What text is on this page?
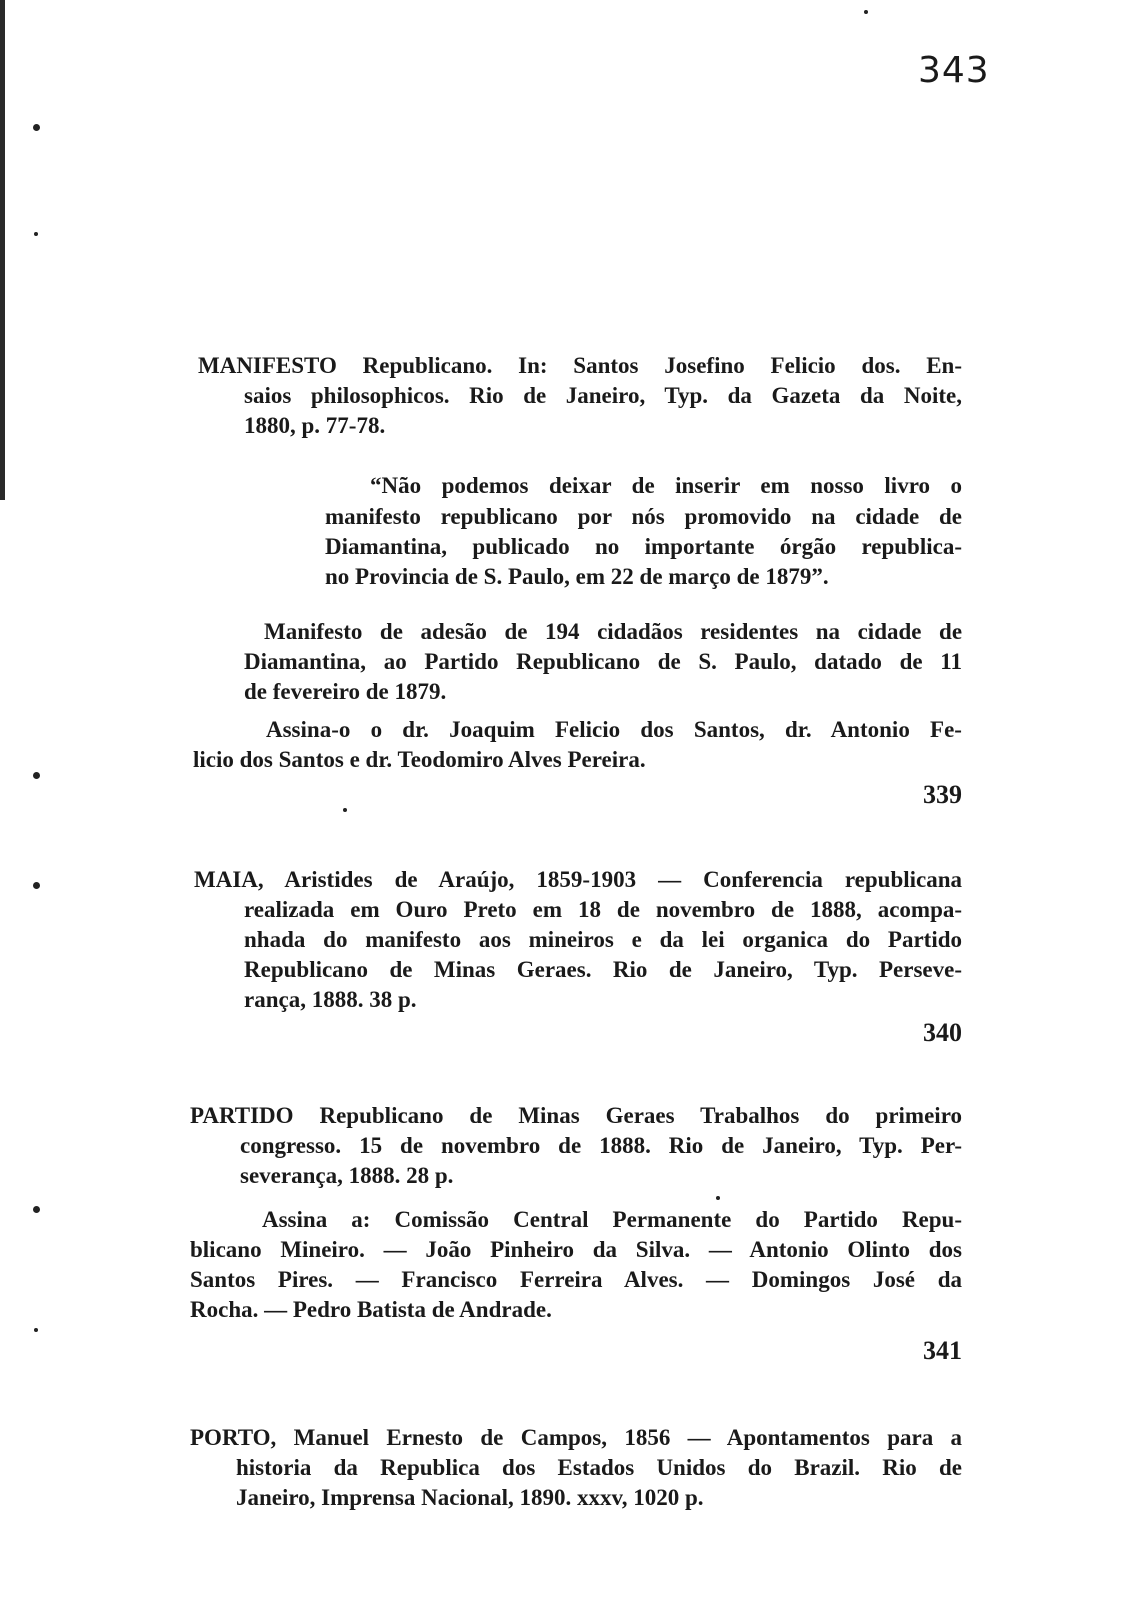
343
MANIFESTO Republicano. In: Santos Josefino Felicio dos. En-
saios philosophicos. Rio de Janeiro, Typ. da Gazeta da Noite,
1880, p. 77-78.
“Não podemos deixar de inserir em nosso livro o
manifesto republicano por nós promovido na cidade de
Diamantina, publicado no importante órgão republica-
no Provincia de S. Paulo, em 22 de março de 1879”.
Manifesto de adesão de 194 cidadãos residentes na cidade de
Diamantina, ao Partido Republicano de S. Paulo, datado de 11
de fevereiro de 1879.
Assina-o o dr. Joaquim Felicio dos Santos, dr. Antonio Fe-
licio dos Santos e dr. Teodomiro Alves Pereira.
339
MAIA, Aristides de Araújo, 1859-1903 — Conferencia republicana
realizada em Ouro Preto em 18 de novembro de 1888, acompa-
nhada do manifesto aos mineiros e da lei organica do Partido
Republicano de Minas Geraes. Rio de Janeiro, Typ. Perseve-
rança, 1888. 38 p.
340
PARTIDO Republicano de Minas Geraes Trabalhos do primeiro
congresso. 15 de novembro de 1888. Rio de Janeiro, Typ. Per-
severança, 1888. 28 p.
Assina a: Comissão Central Permanente do Partido Repu-
blicano Mineiro. — João Pinheiro da Silva. — Antonio Olinto dos
Santos Pires. — Francisco Ferreira Alves. — Domingos José da
Rocha. — Pedro Batista de Andrade.
341
PORTO, Manuel Ernesto de Campos, 1856 — Apontamentos para a
historia da Republica dos Estados Unidos do Brazil. Rio de
Janeiro, Imprensa Nacional, 1890. xxxv, 1020 p.
